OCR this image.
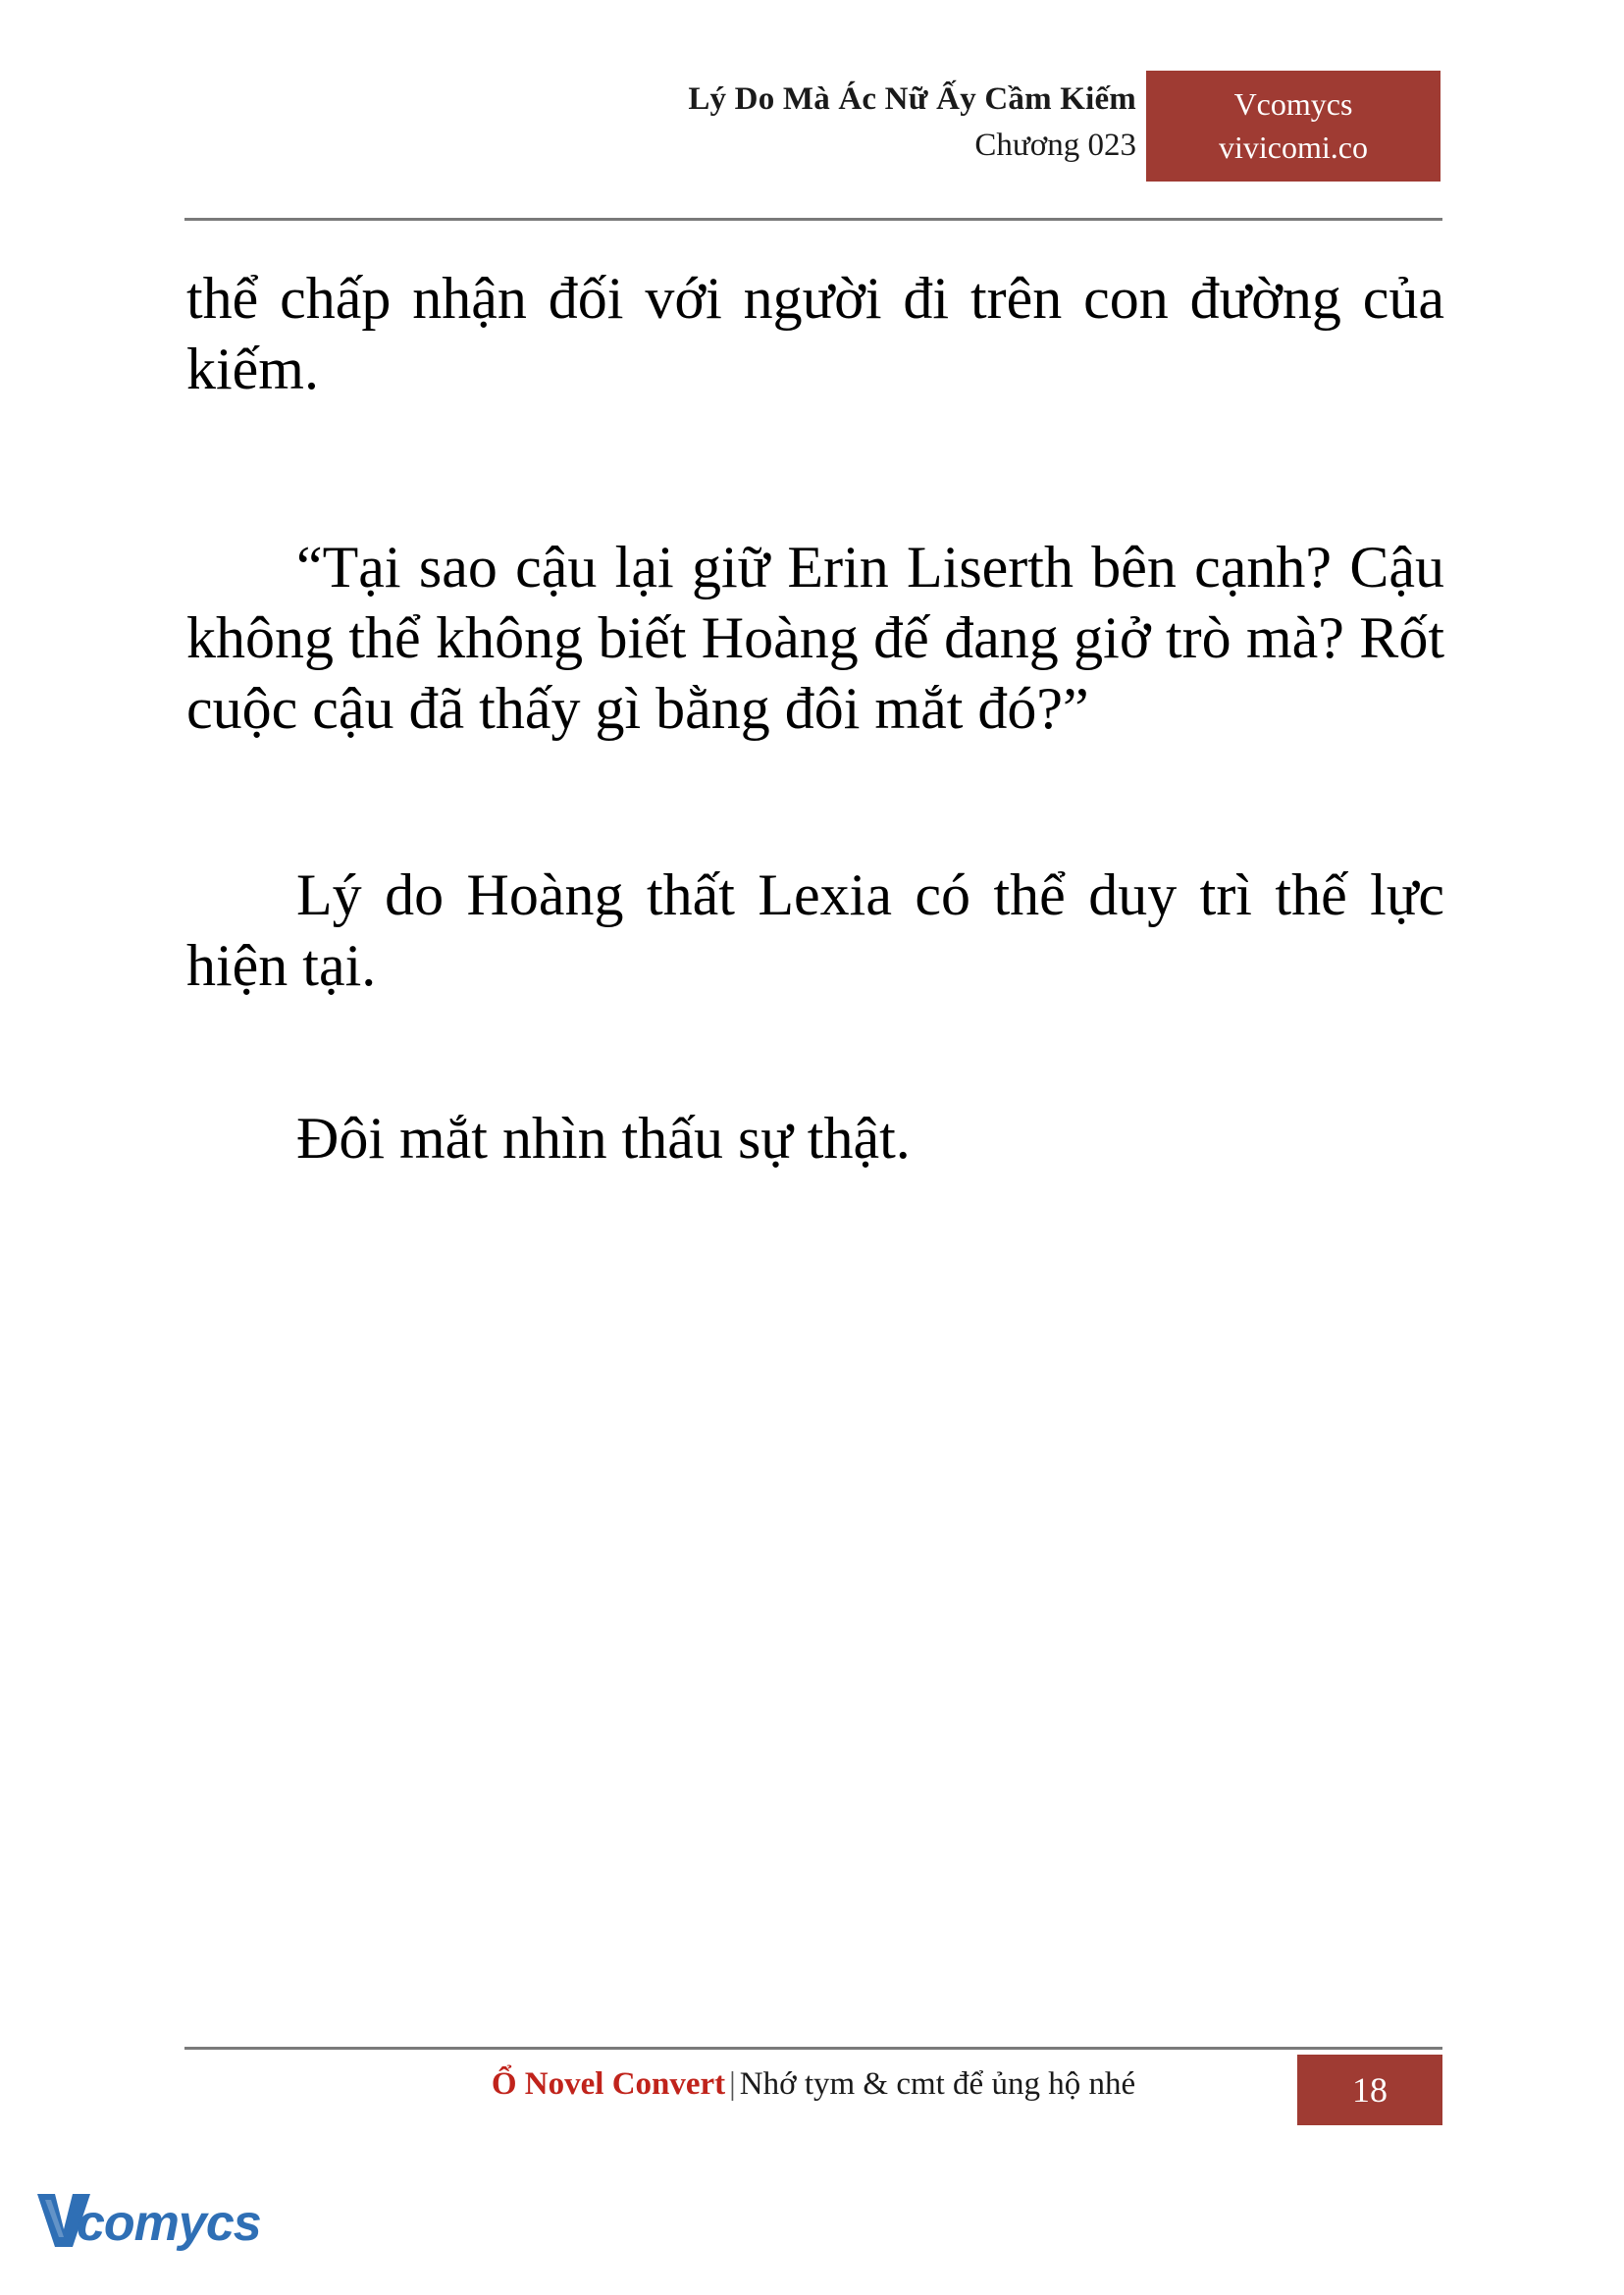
Lý Do Mà Ác Nữ Ấy Cầm Kiếm
Chương 023
Vcomycs
vivicomi.co

thể chấp nhận đối với người đi trên con đường của kiếm.

“Tại sao cậu lại giữ Erin Liserth bên cạnh? Cậu không thể không biết Hoàng đế đang giở trò mà? Rốt cuộc cậu đã thấy gì bằng đôi mắt đó?”

Lý do Hoàng thất Lexia có thể duy trì thế lực hiện tại.

Đôi mắt nhìn thấu sự thật.

Ổ Novel Convert | Nhớ tym & cmt để ủng hộ nhé	18
comycs
